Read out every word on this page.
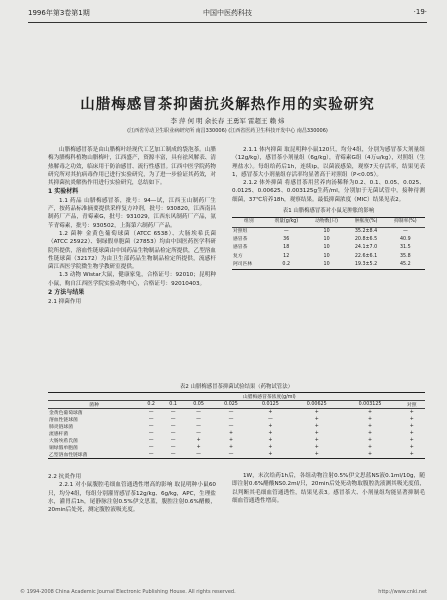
1996年第3卷第1期	中国中医药科技	·19·
山腊梅感冒茶抑菌抗炎解热作用的实验研究
李 萍 何 明 余长春 王勇军 雷超王 赖 炜
(江西省劳动卫生职业病研究所 南昌330006) (江西省医药卫生科技开发中心 南昌330006)
山腊梅感冒茶是由山腊梅叶经现代工艺加工制成的袋泡茶。山腊梅为腊梅科植物山腊梅叶，江西盛产，资源丰富，具有祛风解表、清热解毒之功效，临床用于防治感冒、流行性感冒。江西中医学院药物研究所对其抗病毒作用已进行实验研究，为了进一步验证其药效，对其抑菌抗炎解热作用进行实验研究，总结如下。
1 实验材料
1.1 药品 山腊梅感冒茶，批号：94—试，江西玉山制药厂生产，按药品标准摘要提供采样复方冲剂，批号：930820，江西南昌制药厂产品，青霉素G，批号：931029，江西东风制药厂产品，氨苄青霉素，批号：930502，上海第六制药厂产品。
1.2 菌种 金黄色葡萄球菌（ATCC 6538）、大肠埃希氏菌（ATCC 25922）、铜绿假单胞菌（27853）均由中国医药医学科研院所提供，溶血性链球菌由中国药品生物制品检定所提供，乙型溶血性链球菌（32172）为由卫生部药品生物制品检定所提供，流感杆菌江西医学院微生物学教研室提供。
1.3 动物 Wistar大鼠，健康家兔，合格证号：92010；昆明种小鼠，购自江西医学院实验动物中心，合格证号：92010403。
2 方法与结果
2.1 抑菌作用
2.1.1 体内抑菌 取昆明种小鼠120只，均分4组，分别为感冒茶大剂量组（12g/kg），感冒茶小剂量组（6g/kg），青霉素G组（4万u/kg），对照组（生理盐水）。每组给药后1h，连续ip，以菌液感染，观察7天存活率，结果见表1，感冒茶大小剂量组存活率均显著高于对照组（P<0.05）。
2.1.2 体外抑菌 将感冒茶用营养肉汤稀释为0.2、0.1、0.05、0.025、0.0125、0.00625、0.003125g生药/ml，分别加于无菌试管中，接种待测细菌，37℃培养18h，观察结果。最低抑菌浓度（MIC）结果见表2。
表1 山腊梅感冒茶对小鼠足肿胀的影响
组别	剂量(g/kg)	动物数(只)	肿胀度(%)	抑制率(%)
对照组	—	10	35.2±8.4	—
感冒茶	36	10	20.8±6.5	40.9
感冒茶	18	10	24.1±7.0	31.5
复方	12	10	22.6±6.1	35.8
阿司匹林	0.2	10	19.3±5.2	45.2
表2 山腊梅感冒茶抑菌试验结果（药物试管法）
	山腊梅感冒茶浓度(g/ml)							
菌种	0.2	0.1	0.05	0.025	0.0125	0.00625	0.003125	对照
金黄色葡萄球菌	—	—	—	—	+	+	+	+
溶血性链球菌	—	—	—	—	—	+	+	+
肺炎链球菌	—	—	—	—	+	+	+	+
流感杆菌	—	—	—	+	+	+	+	+
大肠埃希氏菌	—	—	+	+	+	+	+	+
铜绿假单胞菌	—	—	+	+	+	+	+	+
乙型溶血性链球菌	—	—	—	—	+	+	+	+
2.2 抗炎作用
2.2.1 对小鼠腹腔毛细血管通透性增高的影响 取昆明种小鼠60只，均分4组，每组分别灌胃感冒茶12g/kg、6g/kg，APC，生理盐水，灌胃后1h，尾静脉注射0.5%伊文思蓝，腹腔注射0.6%醋酸，20min后处死，测定腹腔液吸光度。
1W，末次给药1h后，各组动物注射0.5%伊文思蓝NS液0.1ml/10g，随即注射0.6%醋酸NS0.2ml/只，20min后处死动物取腹腔洗液测其吸光度值，以判断其毛细血管通透性，结果见表3。感冒茶大、小剂量组均能显著抑制毛细血管通透性增高。
© 1994-2008 China Academic Journal Electronic Publishing House. All rights reserved.	http://www.cnki.net
